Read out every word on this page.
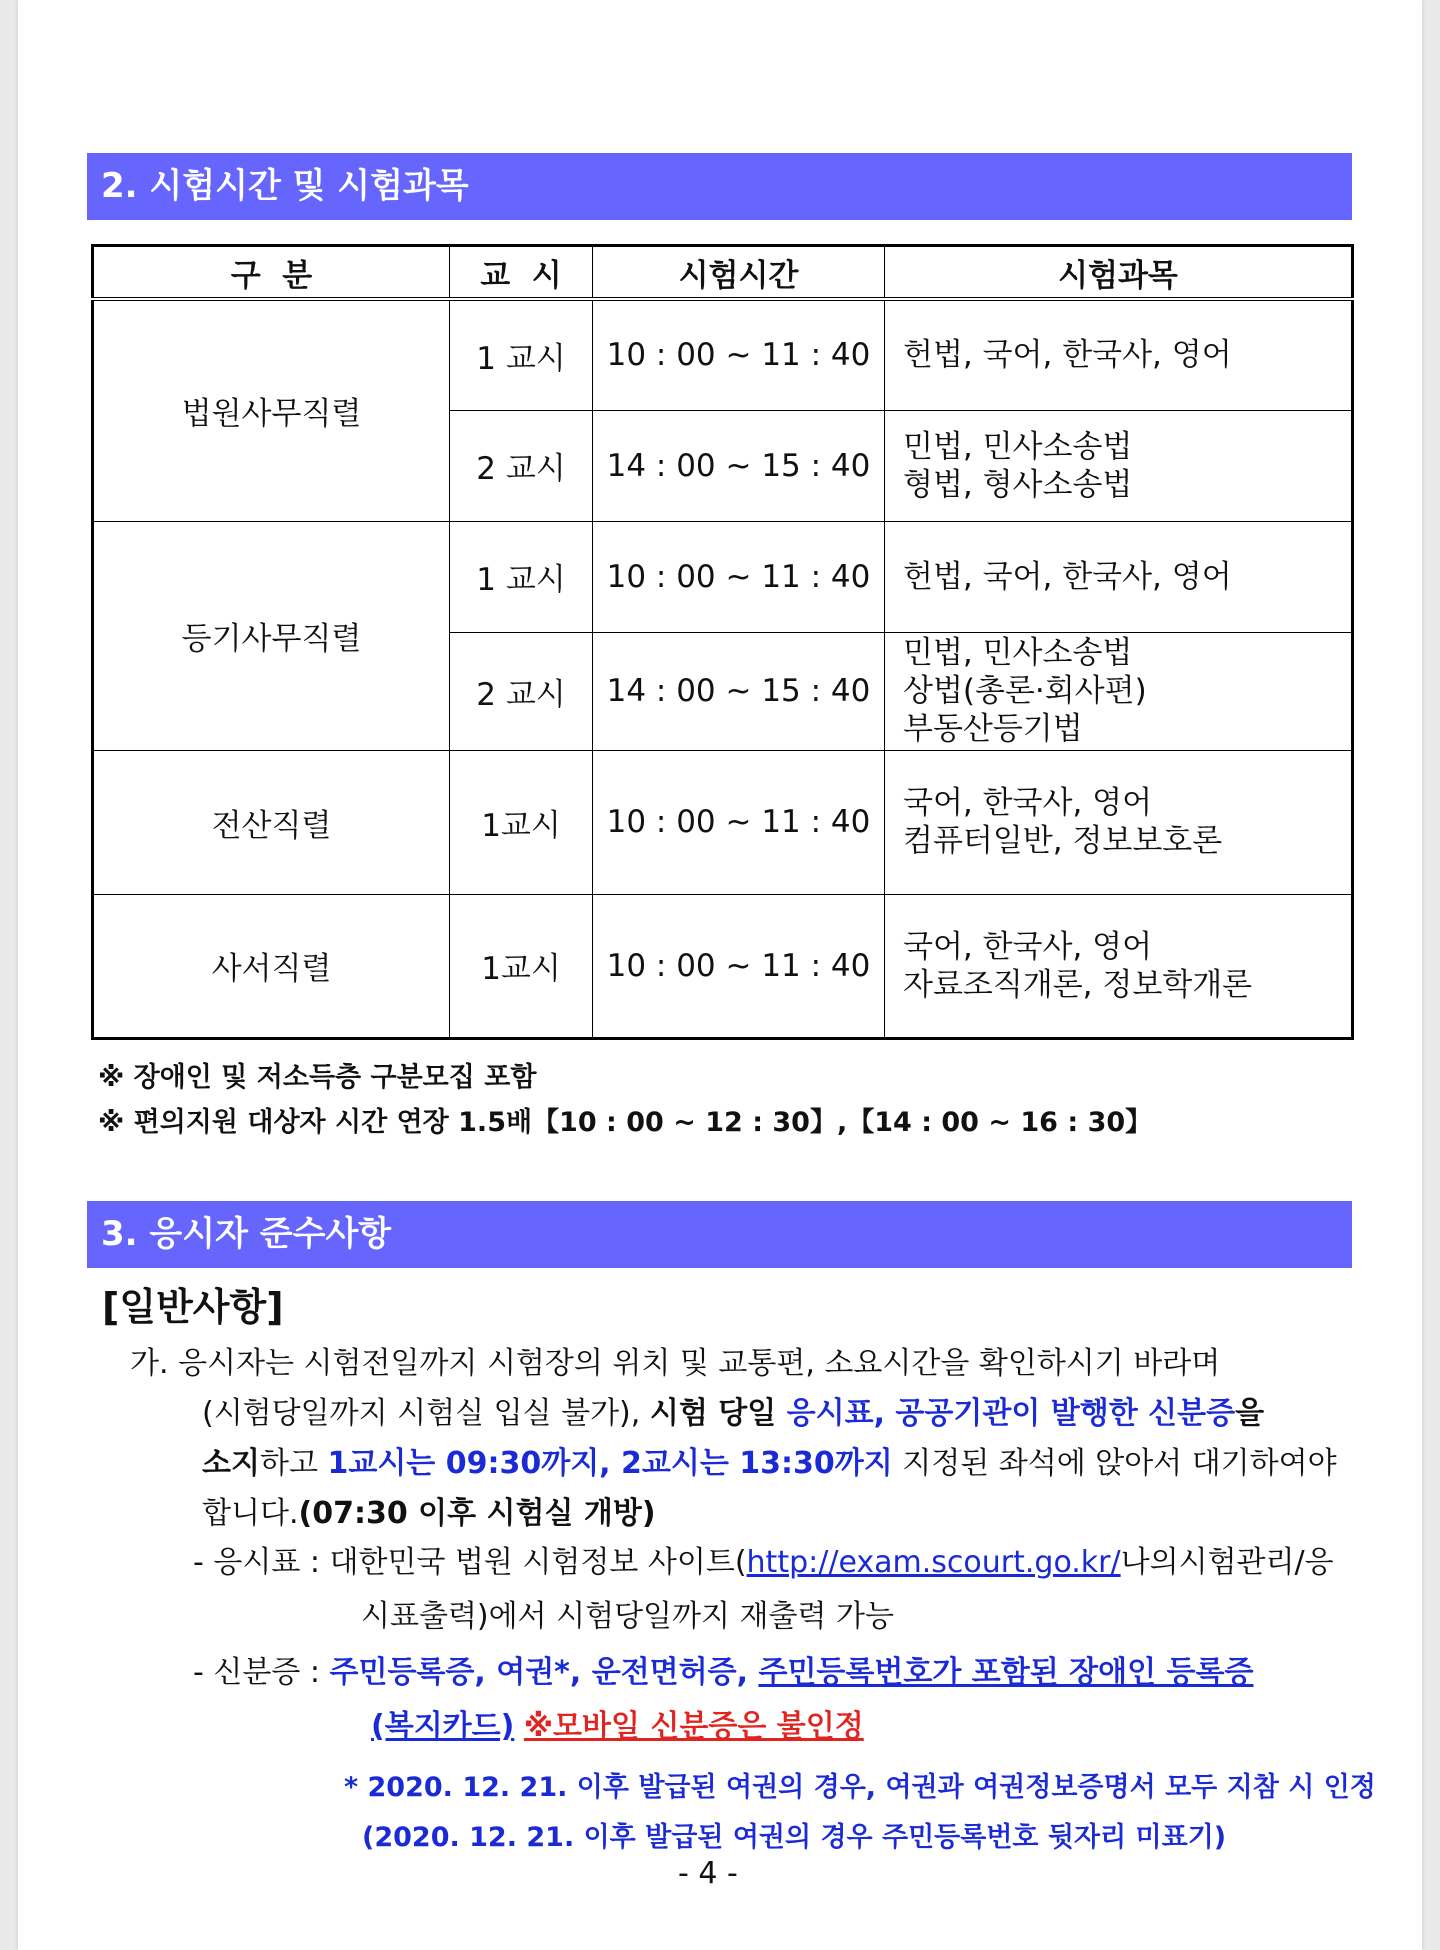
2. 시험시간 및 시험과목
구  분	교  시	시험시간	시험과목
법원사무직렬	1 교시	10 : 00 ~ 11 : 40	헌법, 국어, 한국사, 영어

	2 교시	14 : 00 ~ 15 : 40	민법, 민사소송법
형법, 형사소송법

등기사무직렬	1 교시	10 : 00 ~ 11 : 40	헌법, 국어, 한국사, 영어

	2 교시	14 : 00 ~ 15 : 40	민법, 민사소송법
상법(총론·회사편)
부동산등기법

전산직렬	1교시	10 : 00 ~ 11 : 40	국어, 한국사, 영어
컴퓨터일반, 정보보호론

사서직렬	1교시	10 : 00 ~ 11 : 40	국어, 한국사, 영어
자료조직개론, 정보학개론
※ 장애인 및 저소득층 구분모집 포함
※ 편의지원 대상자 시간 연장 1.5배【10 : 00 ~ 12 : 30】,【14 : 00 ~ 16 : 30】
3. 응시자 준수사항
[일반사항]
가. 응시자는 시험전일까지 시험장의 위치 및 교통편, 소요시간을 확인하시기 바라며
(시험당일까지 시험실 입실 불가), 시험 당일 응시표, 공공기관이 발행한 신분증을
소지하고 1교시는 09:30까지, 2교시는 13:30까지 지정된 좌석에 앉아서 대기하여야
합니다.(07:30 이후 시험실 개방)
- 응시표 : 대한민국 법원 시험정보 사이트(http://exam.scourt.go.kr/나의시험관리/응
시표출력)에서 시험당일까지 재출력 가능
- 신분증 : 주민등록증, 여권*, 운전면허증, 주민등록번호가 포함된 장애인 등록증
(복지카드) ※모바일 신분증은 불인정
* 2020. 12. 21. 이후 발급된 여권의 경우, 여권과 여권정보증명서 모두 지참 시 인정
(2020. 12. 21. 이후 발급된 여권의 경우 주민등록번호 뒷자리 미표기)
- 4 -
